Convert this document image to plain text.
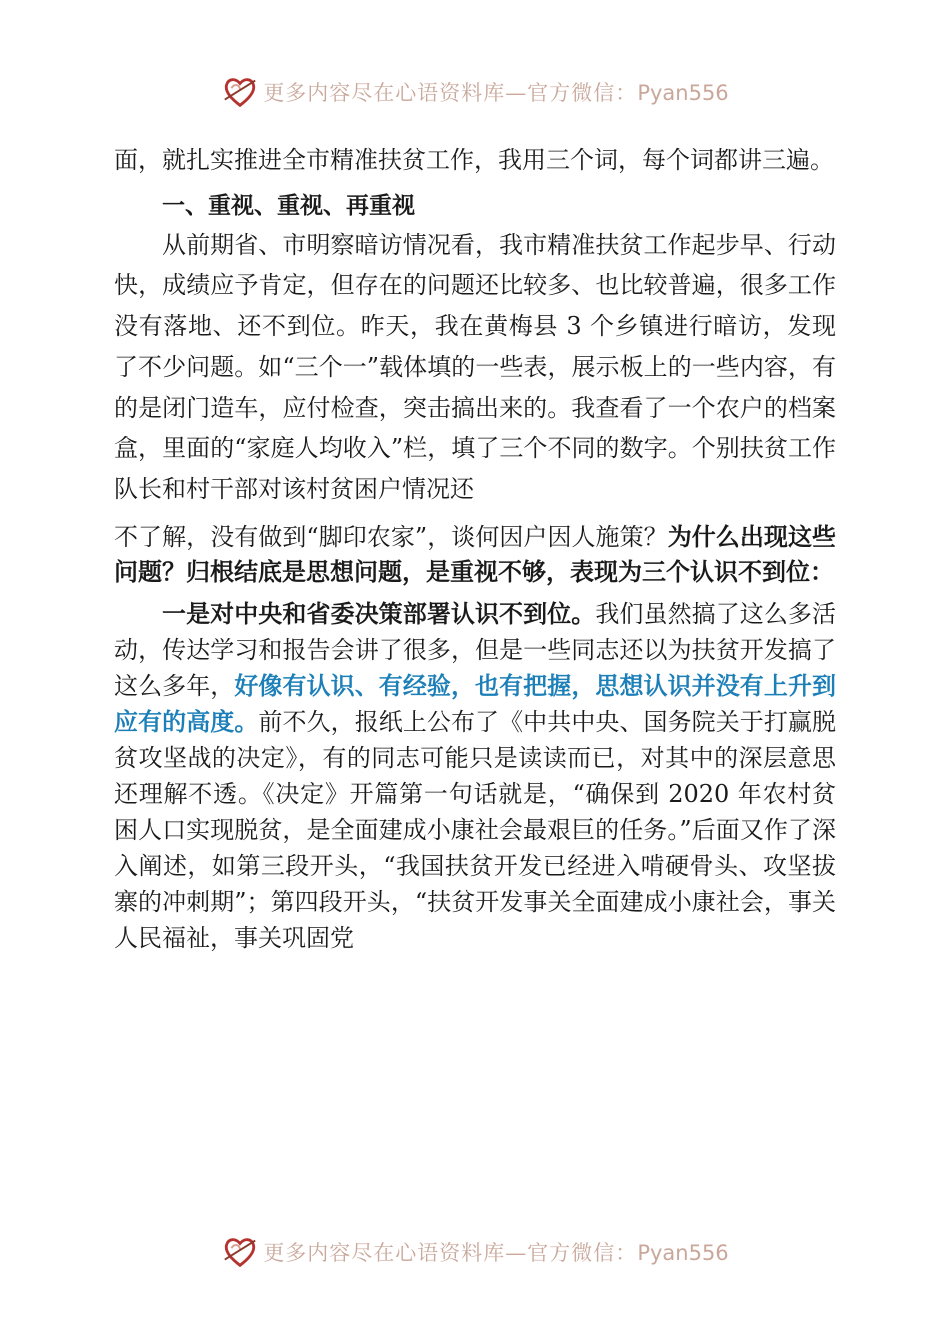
更多内容尽在心语资料库—官方微信：Pyan556

面，就扎实推进全市精准扶贫工作，我用三个词，每个词都讲三遍。

一、重视、重视、再重视

从前期省、市明察暗访情况看，我市精准扶贫工作起步早、行动快，成绩应予肯定，但存在的问题还比较多、也比较普遍，很多工作没有落地、还不到位。昨天，我在黄梅县 3 个乡镇进行暗访，发现了不少问题。如“三个一”载体填的一些表，展示板上的一些内容，有的是闭门造车，应付检查，突击搞出来的。我查看了一个农户的档案盒，里面的“家庭人均收入”栏，填了三个不同的数字。个别扶贫工作队长和村干部对该村贫困户情况还

不了解，没有做到“脚印农家”，谈何因户因人施策？为什么出现这些问题？归根结底是思想问题，是重视不够，表现为三个认识不到位：

一是对中央和省委决策部署认识不到位。我们虽然搞了这么多活动，传达学习和报告会讲了很多，但是一些同志还以为扶贫开发搞了这么多年，好像有认识、有经验，也有把握，思想认识并没有上升到应有的高度。前不久，报纸上公布了《中共中央、国务院关于打赢脱贫攻坚战的决定》，有的同志可能只是读读而已，对其中的深层意思还理解不透。《决定》开篇第一句话就是，“确保到 2020 年农村贫困人口实现脱贫，是全面建成小康社会最艰巨的任务。”后面又作了深入阐述，如第三段开头，“我国扶贫开发已经进入啃硬骨头、攻坚拔寨的冲刺期”；第四段开头，“扶贫开发事关全面建成小康社会，事关人民福祉，事关巩固党

更多内容尽在心语资料库—官方微信：Pyan556
